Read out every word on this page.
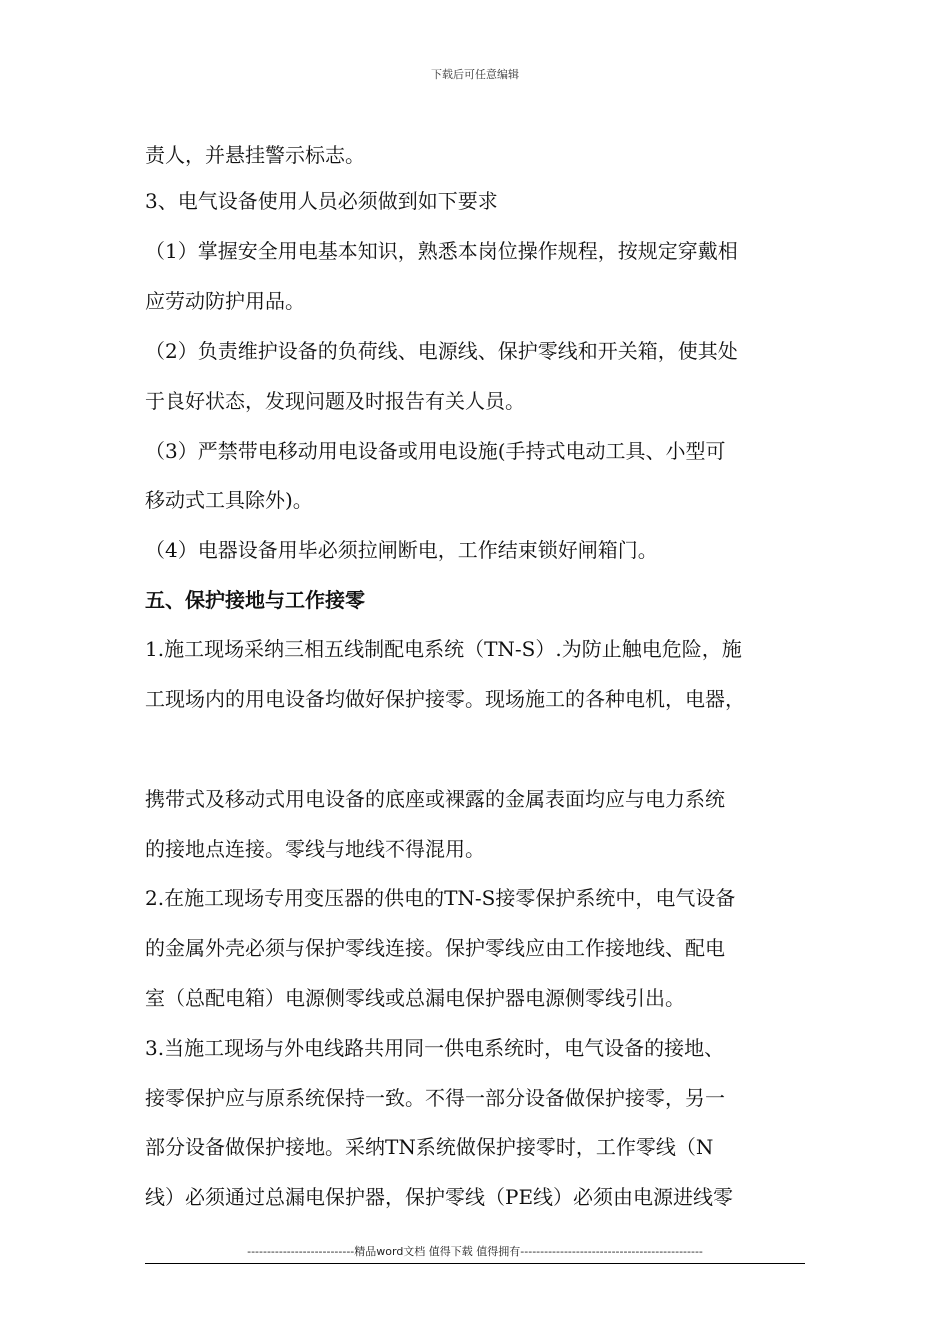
下载后可任意编辑
责人，并悬挂警示标志。
3、电气设备使用人员必须做到如下要求
（1）掌握安全用电基本知识，熟悉本岗位操作规程，按规定穿戴相
应劳动防护用品。
（2）负责维护设备的负荷线、电源线、保护零线和开关箱，使其处
于良好状态，发现问题及时报告有关人员。
（3）严禁带电移动用电设备或用电设施(手持式电动工具、小型可
移动式工具除外)。
（4）电器设备用毕必须拉闸断电，工作结束锁好闸箱门。
五、保护接地与工作接零
1.施工现场采纳三相五线制配电系统（TN-S）.为防止触电危险，施
工现场内的用电设备均做好保护接零。现场施工的各种电机，电器，
携带式及移动式用电设备的底座或裸露的金属表面均应与电力系统
的接地点连接。零线与地线不得混用。
2.在施工现场专用变压器的供电的TN-S接零保护系统中，电气设备
的金属外壳必须与保护零线连接。保护零线应由工作接地线、配电
室（总配电箱）电源侧零线或总漏电保护器电源侧零线引出。
3.当施工现场与外电线路共用同一供电系统时，电气设备的接地、
接零保护应与原系统保持一致。不得一部分设备做保护接零，另一
部分设备做保护接地。采纳TN系统做保护接零时，工作零线（N
线）必须通过总漏电保护器，保护零线（PE线）必须由电源进线零
---------------------------精品word文档 值得下载 值得拥有----------------------------------------------
